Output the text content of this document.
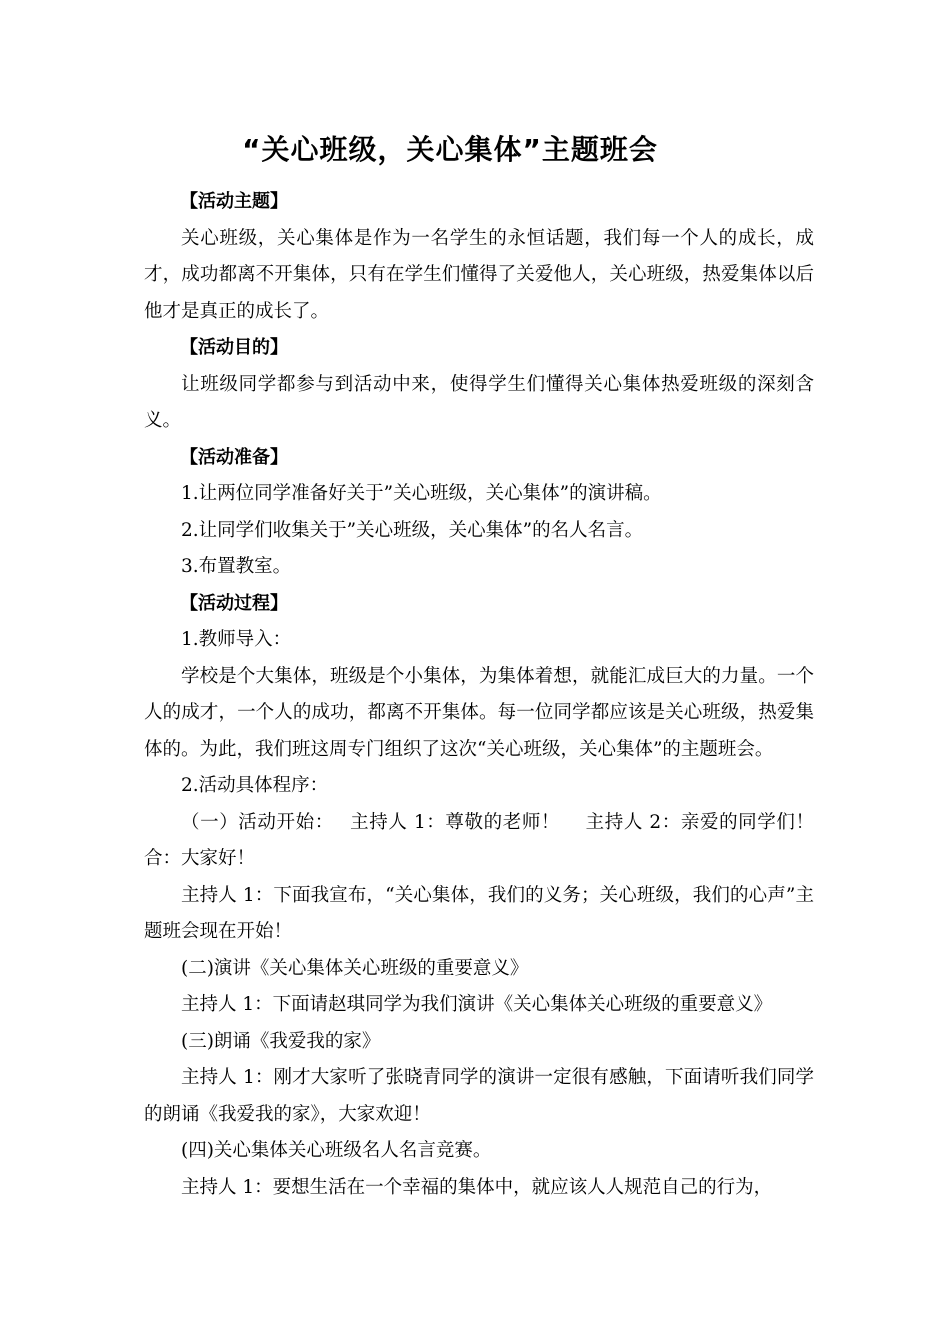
“关心班级，关心集体”主题班会

【活动主题】

关心班级，关心集体是作为一名学生的永恒话题，我们每一个人的成长，成才，成功都离不开集体，只有在学生们懂得了关爱他人，关心班级，热爱集体以后他才是真正的成长了。

【活动目的】

让班级同学都参与到活动中来，使得学生们懂得关心集体热爱班级的深刻含义。

【活动准备】

1.让两位同学准备好关于”关心班级，关心集体”的演讲稿。

2.让同学们收集关于”关心班级，关心集体”的名人名言。

3.布置教室。

【活动过程】

1.教师导入：

学校是个大集体，班级是个小集体，为集体着想，就能汇成巨大的力量。一个人的成才，一个人的成功，都离不开集体。每一位同学都应该是关心班级，热爱集体的。为此，我们班这周专门组织了这次“关心班级，关心集体”的主题班会。

2.活动具体程序：

（一）活动开始：　 主持人 1：尊敬的老师！　 主持人 2：亲爱的同学们！合：大家好！

主持人 1：下面我宣布，“关心集体，我们的义务；关心班级，我们的心声”主题班会现在开始！

(二)演讲《关心集体关心班级的重要意义》

主持人 1：下面请赵琪同学为我们演讲《关心集体关心班级的重要意义》

(三)朗诵《我爱我的家》

主持人 1：刚才大家听了张晓青同学的演讲一定很有感触，下面请听我们同学的朗诵《我爱我的家》，大家欢迎！

(四)关心集体关心班级名人名言竞赛。

主持人 1：要想生活在一个幸福的集体中，就应该人人规范自己的行为，
